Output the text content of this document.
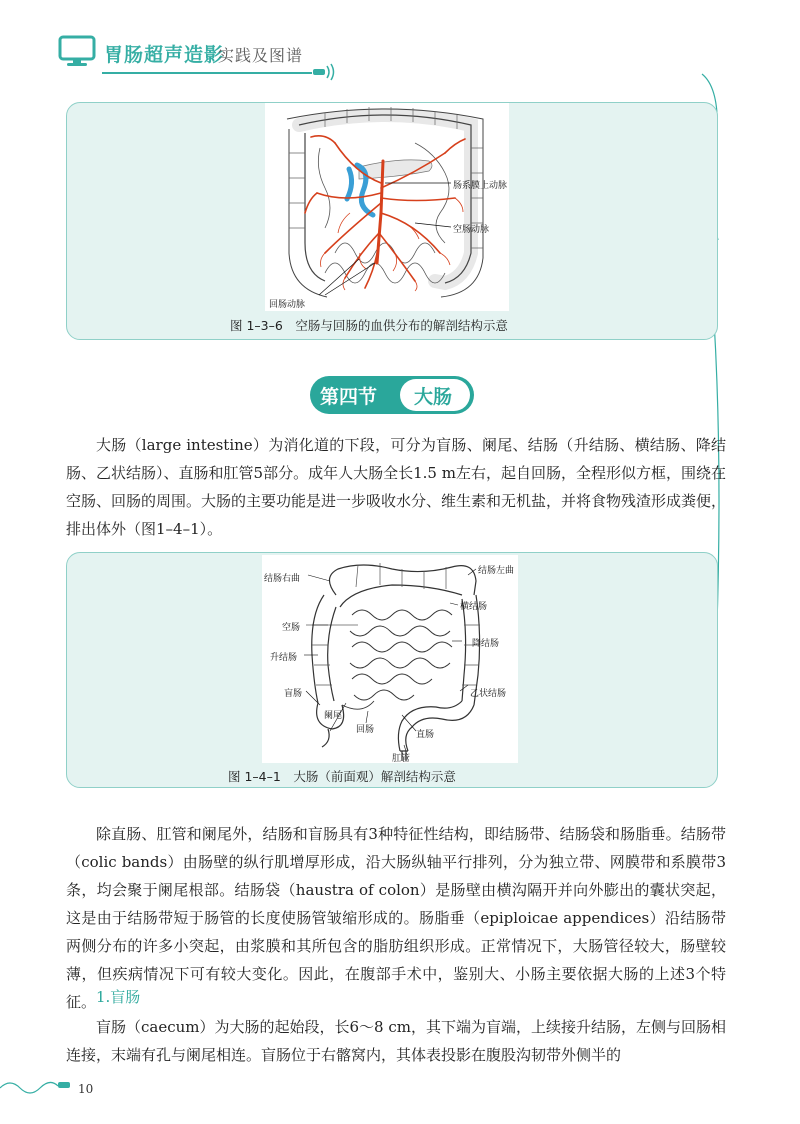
胃肠超声造影
实践及图谱
肠系膜上动脉
空肠动脉
回肠动脉
图 1–3–6　空肠与回肠的血供分布的解剖结构示意
第四节 大肠

大肠（large intestine）为消化道的下段，可分为盲肠、阑尾、结肠（升结肠、横结肠、降结肠、乙状结肠）、直肠和肛管5部分。成年人大肠全长1.5 m左右，起自回肠，全程形似方框，围绕在空肠、回肠的周围。大肠的主要功能是进一步吸收水分、维生素和无机盐，并将食物残渣形成粪便，排出体外（图1–4–1）。

结肠右曲
结肠左曲
横结肠
空肠
降结肠
升结肠
盲肠	乙状结肠
阑尾
回肠	直肠
肛管
图 1–4–1　大肠（前面观）解剖结构示意

除直肠、肛管和阑尾外，结肠和盲肠具有3种特征性结构，即结肠带、结肠袋和肠脂垂。结肠带（colic bands）由肠壁的纵行肌增厚形成，沿大肠纵轴平行排列，分为独立带、网膜带和系膜带3条，均会聚于阑尾根部。结肠袋（haustra of colon）是肠壁由横沟隔开并向外膨出的囊状突起，这是由于结肠带短于肠管的长度使肠管皱缩形成的。肠脂垂（epiploicae appendices）沿结肠带两侧分布的许多小突起，由浆膜和其所包含的脂肪组织形成。正常情况下，大肠管径较大，肠壁较薄，但疾病情况下可有较大变化。因此，在腹部手术中，鉴别大、小肠主要依据大肠的上述3个特征。 1.盲肠

盲肠（caecum）为大肠的起始段，长6～8 cm，其下端为盲端，上续接升结肠，左侧与回肠相连接，末端有孔与阑尾相连。盲肠位于右髂窝内，其体表投影在腹股沟韧带外侧半的

10
